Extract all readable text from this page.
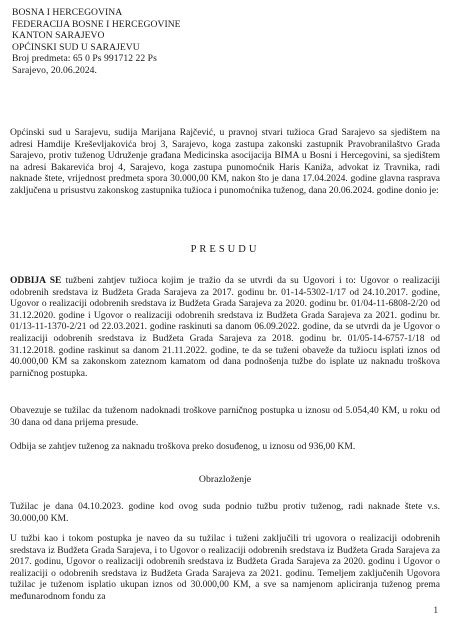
BOSNA I HERCEGOVINA
FEDERACIJA BOSNE I HERCEGOVINE
KANTON SARAJEVO
OPĆINSKI SUD U SARAJEVU
Broj predmeta: 65 0 Ps 991712 22 Ps
Sarajevo, 20.06.2024.
Općinski sud u Sarajevu, sudija Marijana Rajčević, u pravnoj stvari tužioca Grad Sarajevo sa sjedištem na adresi Hamdije Kreševljakovića broj 3, Sarajevo, koga zastupa zakonski zastupnik Pravobranilaštvo Grada Sarajevo, protiv tuženog Udruženje građana Medicinska asocijacija BIMA u Bosni i Hercegovini, sa sjedištem na adresi Bakarevića broj 4, Sarajevo, koga zastupa punomoćnik Haris Kaniža, advokat iz Travnika, radi naknade štete, vrijednost predmeta spora 30.000,00 KM, nakon što je dana 17.04.2024. godine glavna rasprava zaključena u prisustvu zakonskog zastupnika tužioca i punomoćnika tuženog, dana 20.06.2024. godine donio je:
PRESUDU
ODBIJA SE tužbeni zahtjev tužioca kojim je tražio da se utvrdi da su Ugovori i to: Ugovor o realizaciji odobrenih sredstava iz Budžeta Grada Sarajeva za 2017. godinu br. 01-14-5302-1/17 od 24.10.2017. godine, Ugovor o realizaciji odobrenih sredstava iz Budžeta Grada Sarajeva za 2020. godinu br. 01/04-11-6808-2/20 od 31.12.2020. godine i Ugovor o realizaciji odobrenih sredstava iz Budžeta Grada Sarajeva za 2021. godinu br. 01/13-11-1370-2/21 od 22.03.2021. godine raskinuti sa danom 06.09.2022. godine, da se utvrdi da je Ugovor o realizaciji odobrenih sredstava iz Budžeta Grada Sarajeva za 2018. godinu br. 01/05-14-6757-1/18 od 31.12.2018. godine raskinut sa danom 21.11.2022. godine, te da se tuženi obaveže da tužiocu isplati iznos od 40.000,00 KM sa zakonskom zateznom kamatom od dana podnošenja tužbe do isplate uz naknadu troškova parničnog postupka.
Obavezuje se tužilac da tuženom nadoknadi troškove parničnog postupka u iznosu od 5.054,40 KM, u roku od 30 dana od dana prijema presude.
Odbija se zahtjev tuženog za naknadu troškova preko dosuđenog, u iznosu od 936,00 KM.
Obrazloženje
Tužilac je dana 04.10.2023. godine kod ovog suda podnio tužbu protiv tuženog, radi naknade štete v.s. 30.000,00 KM.
U tužbi kao i tokom postupka je naveo da su tužilac i tuženi zaključili tri ugovora o realizaciji odobrenih sredstava iz Budžeta Grada Sarajeva, i to Ugovor o realizaciji odobrenih sredstava iz Budžeta Grada Sarajeva za 2017. godinu, Ugovor o realizaciji odobrenih sredstava iz Budžeta Grada Sarajeva za 2020. godinu i Ugovor o realizaciji o odobrenih sredstava iz Budžeta Grada Sarajeva za 2021. godinu. Temeljem zaključenih Ugovora tužilac je tuženom isplatio ukupan iznos od 30.000,00 KM, a sve sa namjenom apliciranja tuženog prema međunarodnom fondu za
1
